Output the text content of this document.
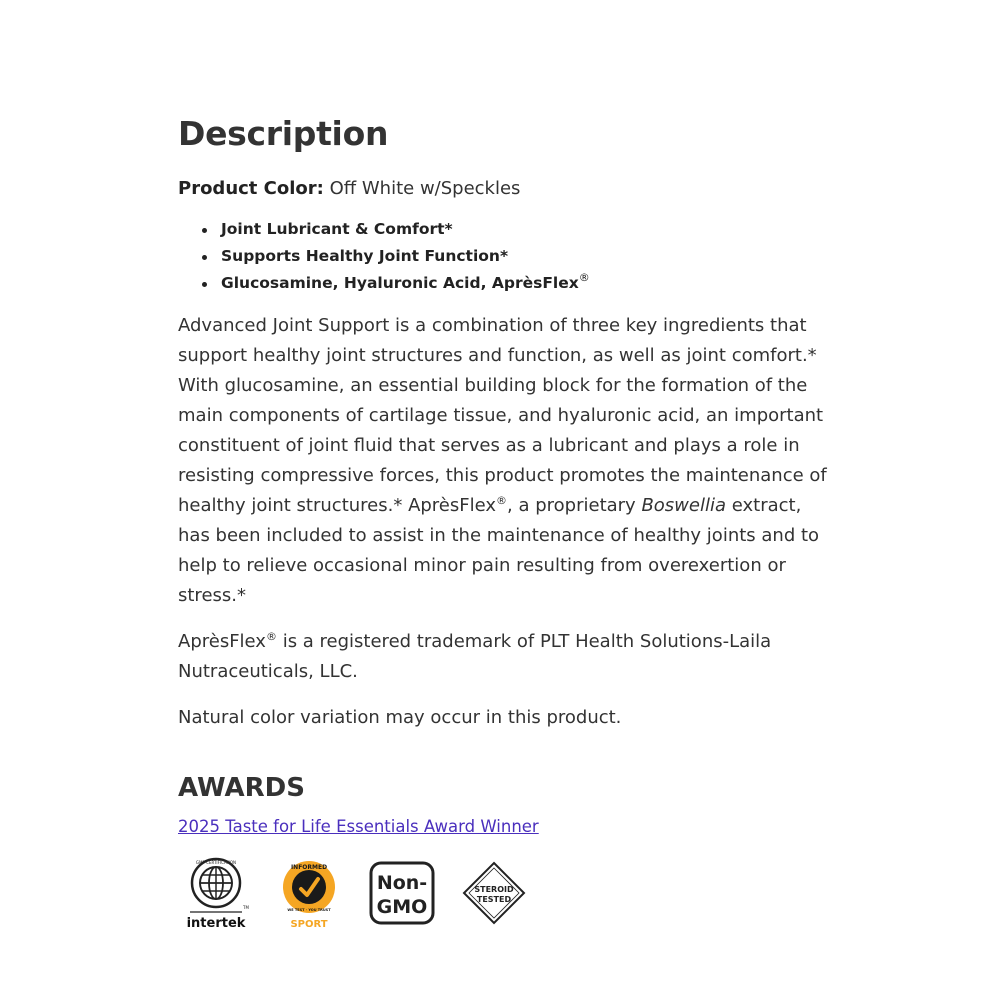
Description

Product Color: Off White w/Speckles

Joint Lubricant & Comfort*
Supports Healthy Joint Function*
Glucosamine, Hyaluronic Acid, AprèsFlex®

Advanced Joint Support is a combination of three key ingredients that support healthy joint structures and function, as well as joint comfort.* With glucosamine, an essential building block for the formation of the main components of cartilage tissue, and hyaluronic acid, an important constituent of joint fluid that serves as a lubricant and plays a role in resisting compressive forces, this product promotes the maintenance of healthy joint structures.* AprèsFlex®, a proprietary Boswellia extract, has been included to assist in the maintenance of healthy joints and to help to relieve occasional minor pain resulting from overexertion or stress.*

AprèsFlex® is a registered trademark of PLT Health Solutions-Laila Nutraceuticals, LLC.

Natural color variation may occur in this product.

AWARDS
2025 Taste for Life Essentials Award Winner
GMP CERTIFICATION
intertek
TM
INFORMED
WE TEST · YOU TRUST
SPORT
Non-
GMO
STEROID
TESTED
